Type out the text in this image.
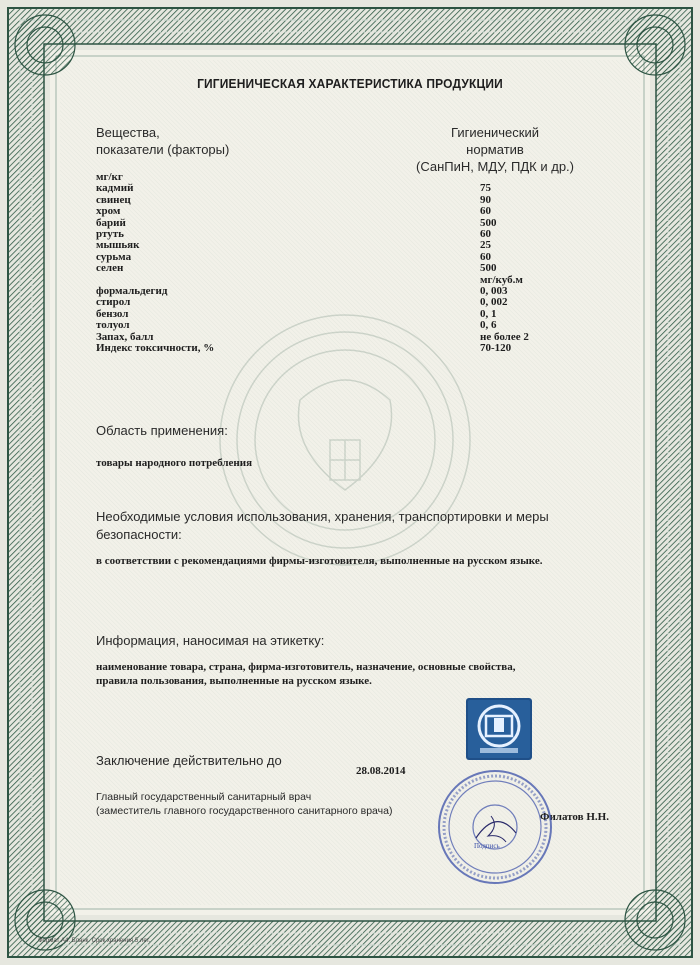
ГИГИЕНИЧЕСКАЯ ХАРАКТЕРИСТИКА ПРОДУКЦИИ
Вещества,
показатели (факторы)
Гигиенический
норматив
(СанПиН, МДУ, ПДК и др.)
мг/кг
кадмий	75
свинец	90
хром	60
барий	500
ртуть	60
мышьяк	25
сурьма	60
селен	500
мг/куб.м
формальдегид	0, 003
стирол	0, 002
бензол	0, 1
толуол	0, 6
Запах, балл	не более 2
Индекс токсичности, %	70-120
Область применения:
товары народного потребления
Необходимые условия использования, хранения, транспортировки и меры
безопасности:
в соответствии с рекомендациями фирмы-изготовителя, выполненные на русском языке.
Информация, наносимая на этикетку:
наименование товара, страна, фирма-изготовитель, назначение, основные свойства,
правила пользования, выполненные на русском языке.
Заключение действительно до
28.08.2014
Главный государственный санитарный врач
(заместитель главного государственного санитарного врача)	Филатов Н.Н.
Подпись
Формат А4. Бланк. Срок хранения 5 лет.
